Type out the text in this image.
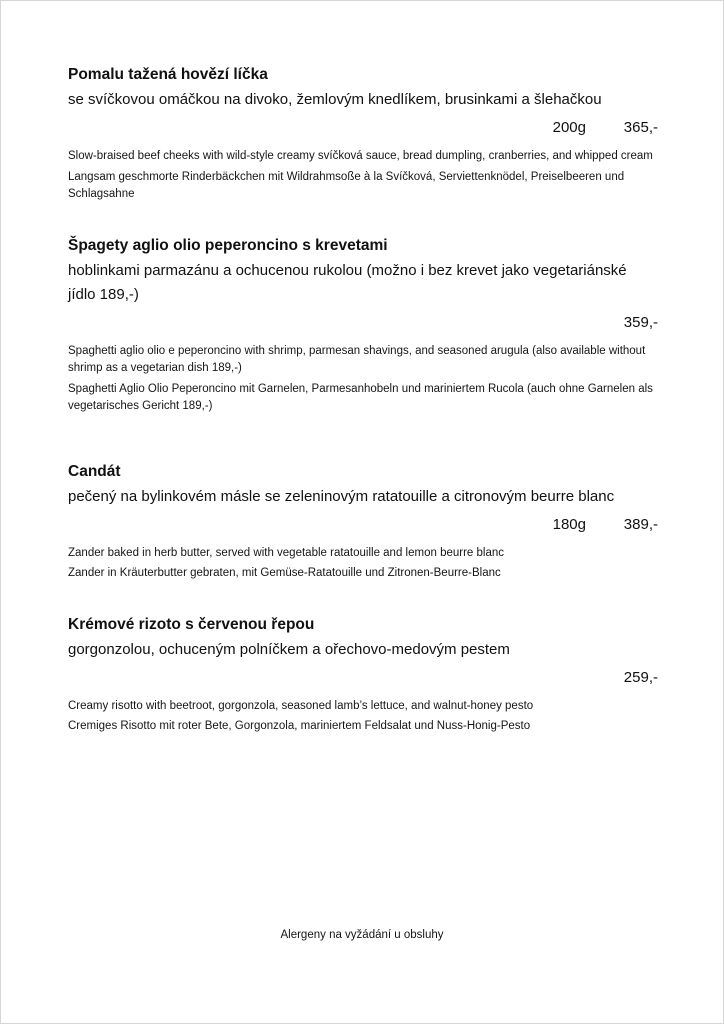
Pomalu tažená hovězí líčka

se svíčkovou omáčkou na divoko, žemlovým knedlíkem, brusinkami a šlehačkou

200g	365,-

Slow-braised beef cheeks with wild-style creamy svíčková sauce, bread dumpling, cranberries, and whipped cream

Langsam geschmorte Rinderbäckchen mit Wildrahmsoße à la Svíčková, Serviettenknödel, Preiselbeeren und Schlagsahne

Špagety aglio olio peperoncino s krevetami

hoblinkami parmazánu a ochucenou rukolou (možno i bez krevet jako vegetariánské jídlo 189,-)

359,-

Spaghetti aglio olio e peperoncino with shrimp, parmesan shavings, and seasoned arugula (also available without shrimp as a vegetarian dish 189,-)

Spaghetti Aglio Olio Peperoncino mit Garnelen, Parmesanhobeln und mariniertem Rucola (auch ohne Garnelen als vegetarisches Gericht 189,-)

Candát

pečený na bylinkovém másle se zeleninovým ratatouille a citronovým beurre blanc

180g	389,-

Zander baked in herb butter, served with vegetable ratatouille and lemon beurre blanc

Zander in Kräuterbutter gebraten, mit Gemüse-Ratatouille und Zitronen-Beurre-Blanc

Krémové rizoto s červenou řepou

gorgonzolou, ochuceným polníčkem a ořechovo-medovým pestem

259,-

Creamy risotto with beetroot, gorgonzola, seasoned lamb’s lettuce, and walnut-honey pesto

Cremiges Risotto mit roter Bete, Gorgonzola, mariniertem Feldsalat und Nuss-Honig-Pesto

Alergeny na vyžádání u obsluhy
